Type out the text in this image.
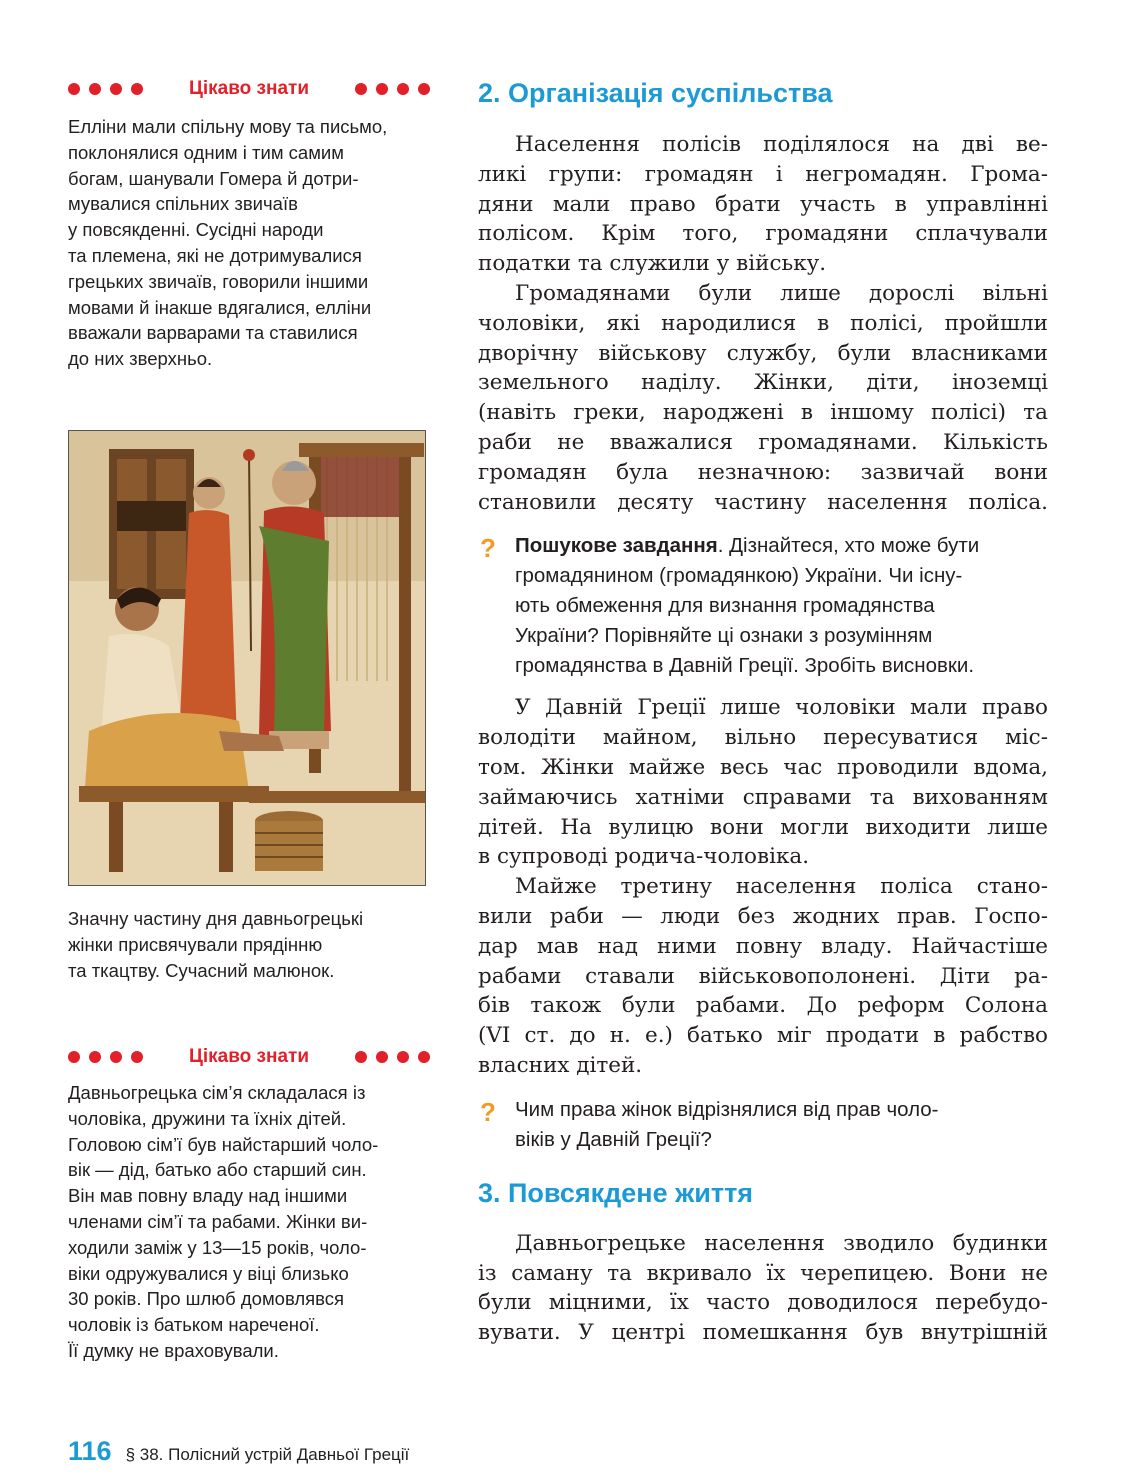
Цікаво знати
Елліни мали спільну мову та письмо,
поклонялися одним і тим самим
богам, шанували Гомера й дотри-
мувалися спільних звичаїв
у повсякденні. Сусідні народи
та племена, які не дотримувалися
грецьких звичаїв, говорили іншими
мовами й інакше вдягалися, елліни
вважали варварами та ставилися
до них зверхньо.
Значну частину дня давньогрецькі
жінки присвячували прядінню
та ткацтву. Сучасний малюнок.
Цікаво знати
Давньогрецька сім’я складалася із
чоловіка, дружини та їхніх дітей.
Головою сім’ї був найстарший чоло-
вік — дід, батько або старший син.
Він мав повну владу над іншими
членами сім’ї та рабами. Жінки ви-
ходили заміж у 13—15 років, чоло-
віки одружувалися у віці близько
30 років. Про шлюб домовлявся
чоловік із батьком нареченої.
Її думку не враховували.
116 § 38. Полісний устрій Давньої Греції
2. Організація суспільства
Населення полісів поділялося на дві ве-
ликі групи: громадян і негромадян. Грома-
дяни мали право брати участь в управлінні
полісом. Крім того, громадяни сплачували
податки та служили у війську.
Громадянами були лише дорослі вільні
чоловіки, які народилися в полісі, пройшли
дворічну військову службу, були власниками
земельного наділу. Жінки, діти, іноземці
(навіть греки, народжені в іншому полісі) та
раби не вважалися громадянами. Кількість
громадян була незначною: зазвичай вони
становили десяту частину населення поліса.
? Пошукове завдання. Дізнайтеся, хто може бути
громадянином (громадянкою) України. Чи існу-
ють обмеження для визнання громадянства
України? Порівняйте ці ознаки з розумінням
громадянства в Давній Греції. Зробіть висновки.
У Давній Греції лише чоловіки мали право
володіти майном, вільно пересуватися міс-
том. Жінки майже весь час проводили вдома,
займаючись хатніми справами та вихованням
дітей. На вулицю вони могли виходити лише
в супроводі родича-чоловіка.
Майже третину населення поліса стано-
вили раби — люди без жодних прав. Госпо-
дар мав над ними повну владу. Найчастіше
рабами ставали військовополонені. Діти ра-
бів також були рабами. До реформ Солона
(VI ст. до н. е.) батько міг продати в рабство
власних дітей.
? Чим права жінок відрізнялися від прав чоло-
віків у Давній Греції?
3. Повсякдене життя
Давньогрецьке населення зводило будинки
із саману та вкривало їх черепицею. Вони не
були міцними, їх часто доводилося перебудо-
вувати. У центрі помешкання був внутрішній
